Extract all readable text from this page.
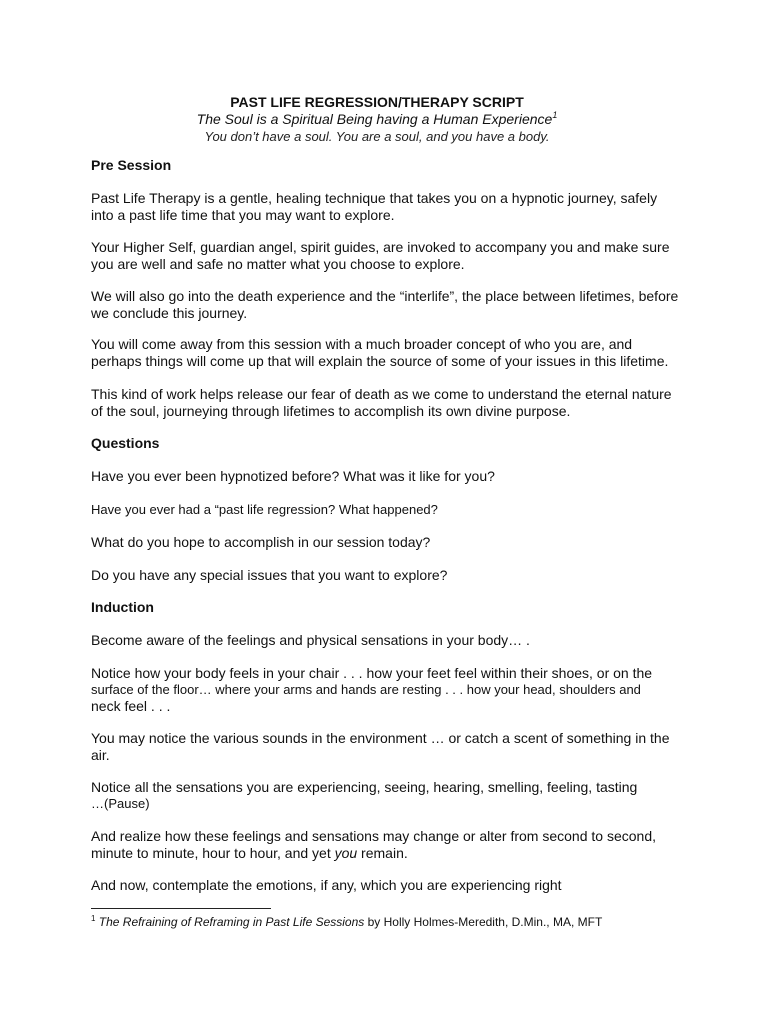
PAST LIFE REGRESSION/THERAPY SCRIPT
The Soul is a Spiritual Being having a Human Experience$^1$
You don’t have a soul. You are a soul, and you have a body.
Pre Session
Past Life Therapy is a gentle, healing technique that takes you on a hypnotic journey, safely into a past life time that you may want to explore.
Your Higher Self, guardian angel, spirit guides, are invoked to accompany you and make sure you are well and safe no matter what you choose to explore.
We will also go into the death experience and the “interlife”, the place between lifetimes, before we conclude this journey.
You will come away from this session with a much broader concept of who you are, and perhaps things will come up that will explain the source of some of your issues in this lifetime.
This kind of work helps release our fear of death as we come to understand the eternal nature of the soul, journeying through lifetimes to accomplish its own divine purpose.
Questions
Have you ever been hypnotized before? What was it like for you?
Have you ever had a “past life regression? What happened?
What do you hope to accomplish in our session today?
Do you have any special issues that you want to explore?
Induction
Become aware of the feelings and physical sensations in your body… .
Notice how your body feels in your chair . . . how your feet feel within their shoes, or on the
surface of the floor… where your arms and hands are resting . . . how your head, shoulders and
neck feel . . .
You may notice the various sounds in the environment … or catch a scent of something in the
air.
Notice all the sensations you are experiencing, seeing, hearing, smelling, feeling, tasting
…(Pause)
And realize how these feelings and sensations may change or alter from second to second,
minute to minute, hour to hour, and yet you remain.
And now, contemplate the emotions, if any, which you are experiencing right
$^1$ The Refraining of Reframing in Past Life Sessions by Holly Holmes-Meredith, D.Min., MA, MFT
